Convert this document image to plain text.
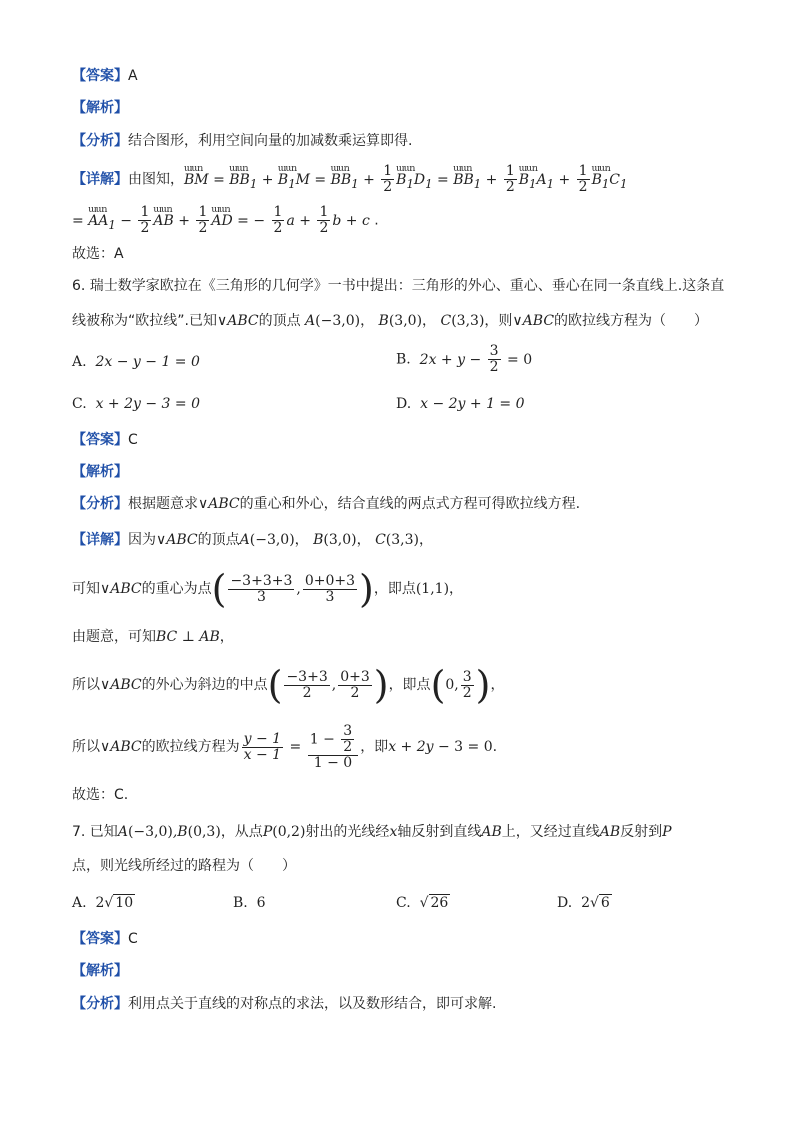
【答案】A
【解析】
【分析】结合图形，利用空间向量的加减数乘运算即得.
【详解】由图知，ɯɯɿ BM = ɯɯɿ $BB_1$ + ɯɯɿ $B_1M$ = ɯɯɿ $BB_1 + \frac{1}{2}$ ɯɯɿ $B_1D_1$ = ɯɯɿ $BB_1 + \frac{1}{2}$ ɯɯɿ $B_1A_1 + \frac{1}{2}$ ɯɯɿ $B_1C_1$
= ɯɯɿ $AA_1 - \frac{1}{2}$ ɯɯɿ AB + $\frac{1}{2}$ ɯɯɿ AD = − $\frac{1}{2}$ $a + \frac{1}{2}$ b + c .
故选：A
6. 瑞士数学家欧拉在《三角形的几何学》一书中提出：三角形的外心、重心、垂心在同一条直线上.这条直
线被称为“欧拉线”.已知∨ABC的顶点 A(−3,0)， B(3,0)， C(3,3)，则∨ABC的欧拉线方程为（　　）
A. 2x − y − 1 = 0	B. $2x + y - \frac{3}{2} = 0$
C. x + 2y − 3 = 0	D. x − 2y + 1 = 0
【答案】C
【解析】
【分析】根据题意求∨ABC的重心和外心，结合直线的两点式方程可得欧拉线方程.
【详解】因为∨ABC的顶点A(−3,0)， B(3,0)， C(3,3)，
可知∨ABC的重心为点( $\frac{-3+3+3}{3}$ , $\frac{0+0+3}{3}$ )，即点(1,1)，
由题意，可知BC ⊥ AB，
所以∨ABC的外心为斜边的中点( $\frac{-3+3}{2}$ , $\frac{0+3}{2}$ )，即点(0, $\frac{3}{2}$ )，
所以∨ABC的欧拉线方程为 $\frac{y - 1}{x - 1} = \frac{1 - \frac{3}{2}}{1 - 0}$ ，即x + 2y − 3 = 0.
故选：C.
7. 已知A(−3,0),B(0,3)，从点P(0,2)射出的光线经x轴反射到直线AB上，又经过直线AB反射到P
点，则光线所经过的路程为（　　）
A. 2√ 10	B. 6	C. √ 26	D. 2√ 6
【答案】C
【解析】
【分析】利用点关于直线的对称点的求法，以及数形结合，即可求解.
